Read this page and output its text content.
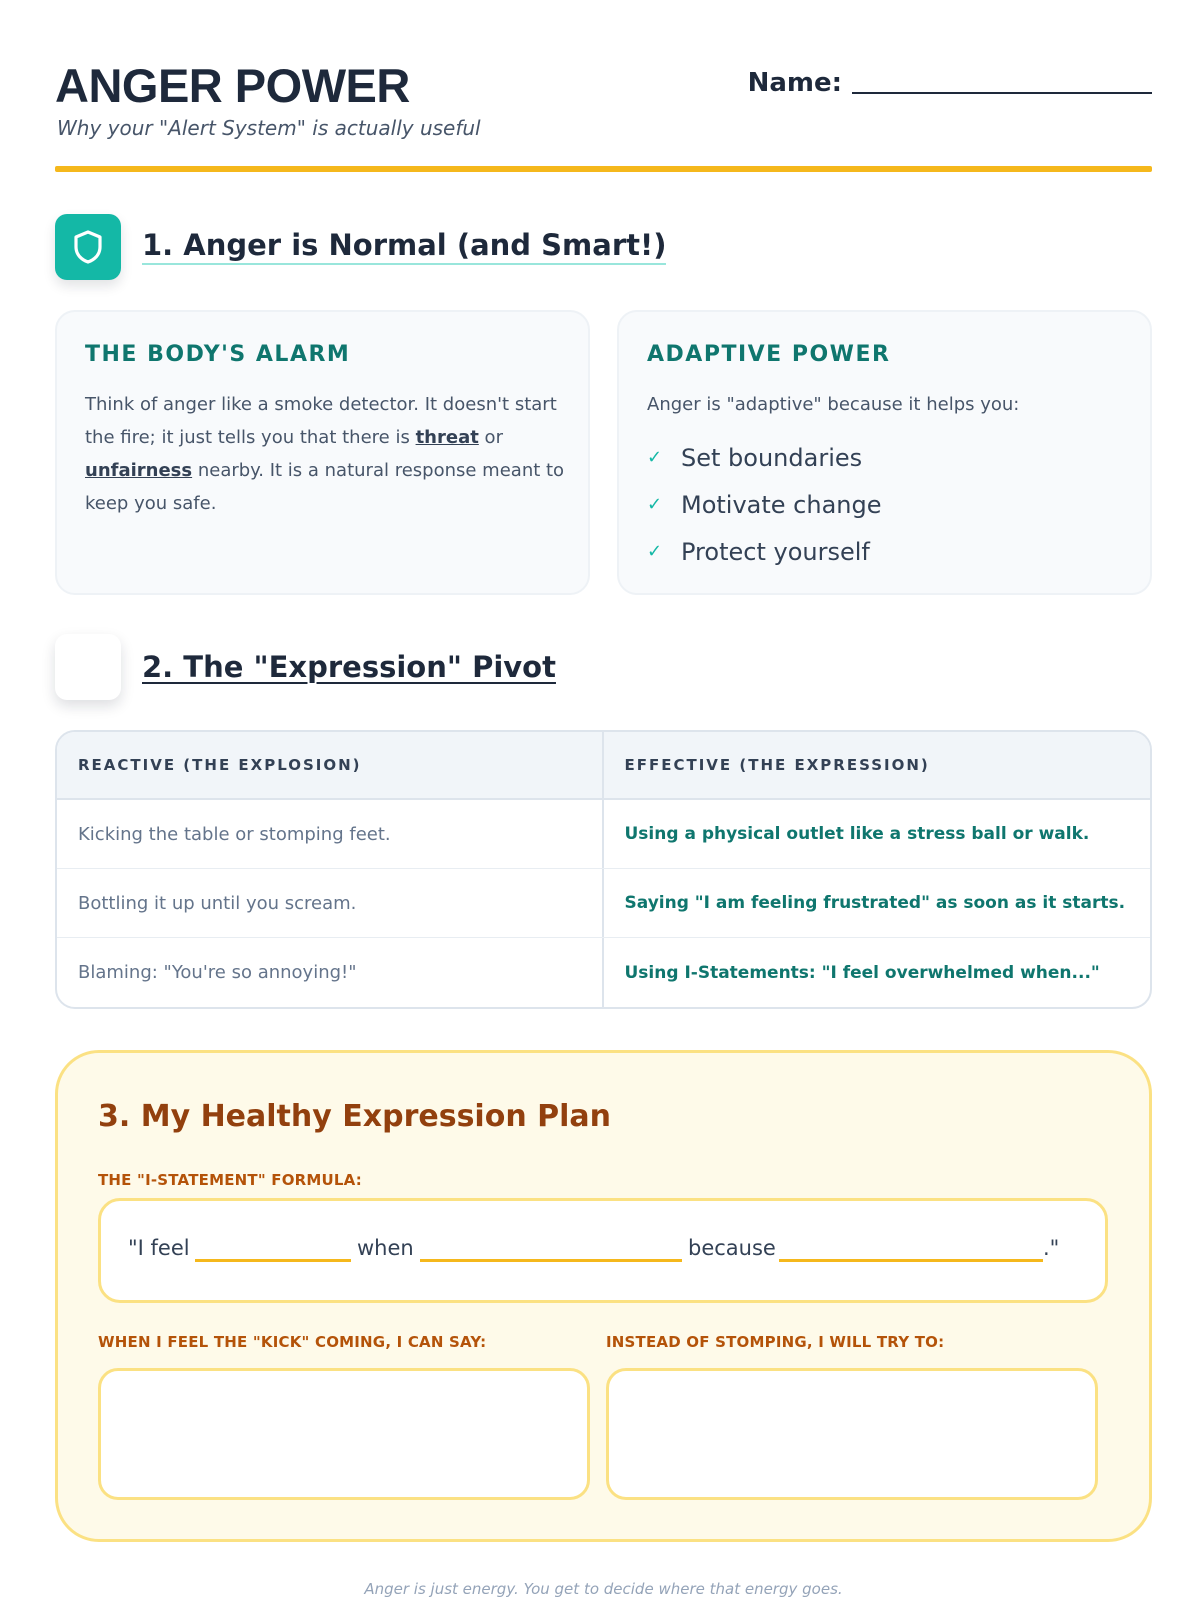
ANGER POWER
Why your "Alert System" is actually useful
Name:
1. Anger is Normal (and Smart!)
THE BODY'S ALARM

Think of anger like a smoke detector. It doesn't start the fire; it just tells you that there is threat or unfairness nearby. It is a natural response meant to keep you safe.

ADAPTIVE POWER

Anger is "adaptive" because it helps you:

✓ Set boundaries
✓ Motivate change
✓ Protect yourself
2. The "Expression" Pivot
REACTIVE (THE EXPLOSION)	EFFECTIVE (THE EXPRESSION)
Kicking the table or stomping feet.	Using a physical outlet like a stress ball or walk.
Bottling it up until you scream.	Saying "I am feeling frustrated" as soon as it starts.
Blaming: "You're so annoying!"	Using I-Statements: "I feel overwhelmed when..."
3. My Healthy Expression Plan
THE "I-STATEMENT" FORMULA:
"I feel	when	because	."
WHEN I FEEL THE "KICK" COMING, I CAN SAY:	INSTEAD OF STOMPING, I WILL TRY TO:
Anger is just energy. You get to decide where that energy goes.
